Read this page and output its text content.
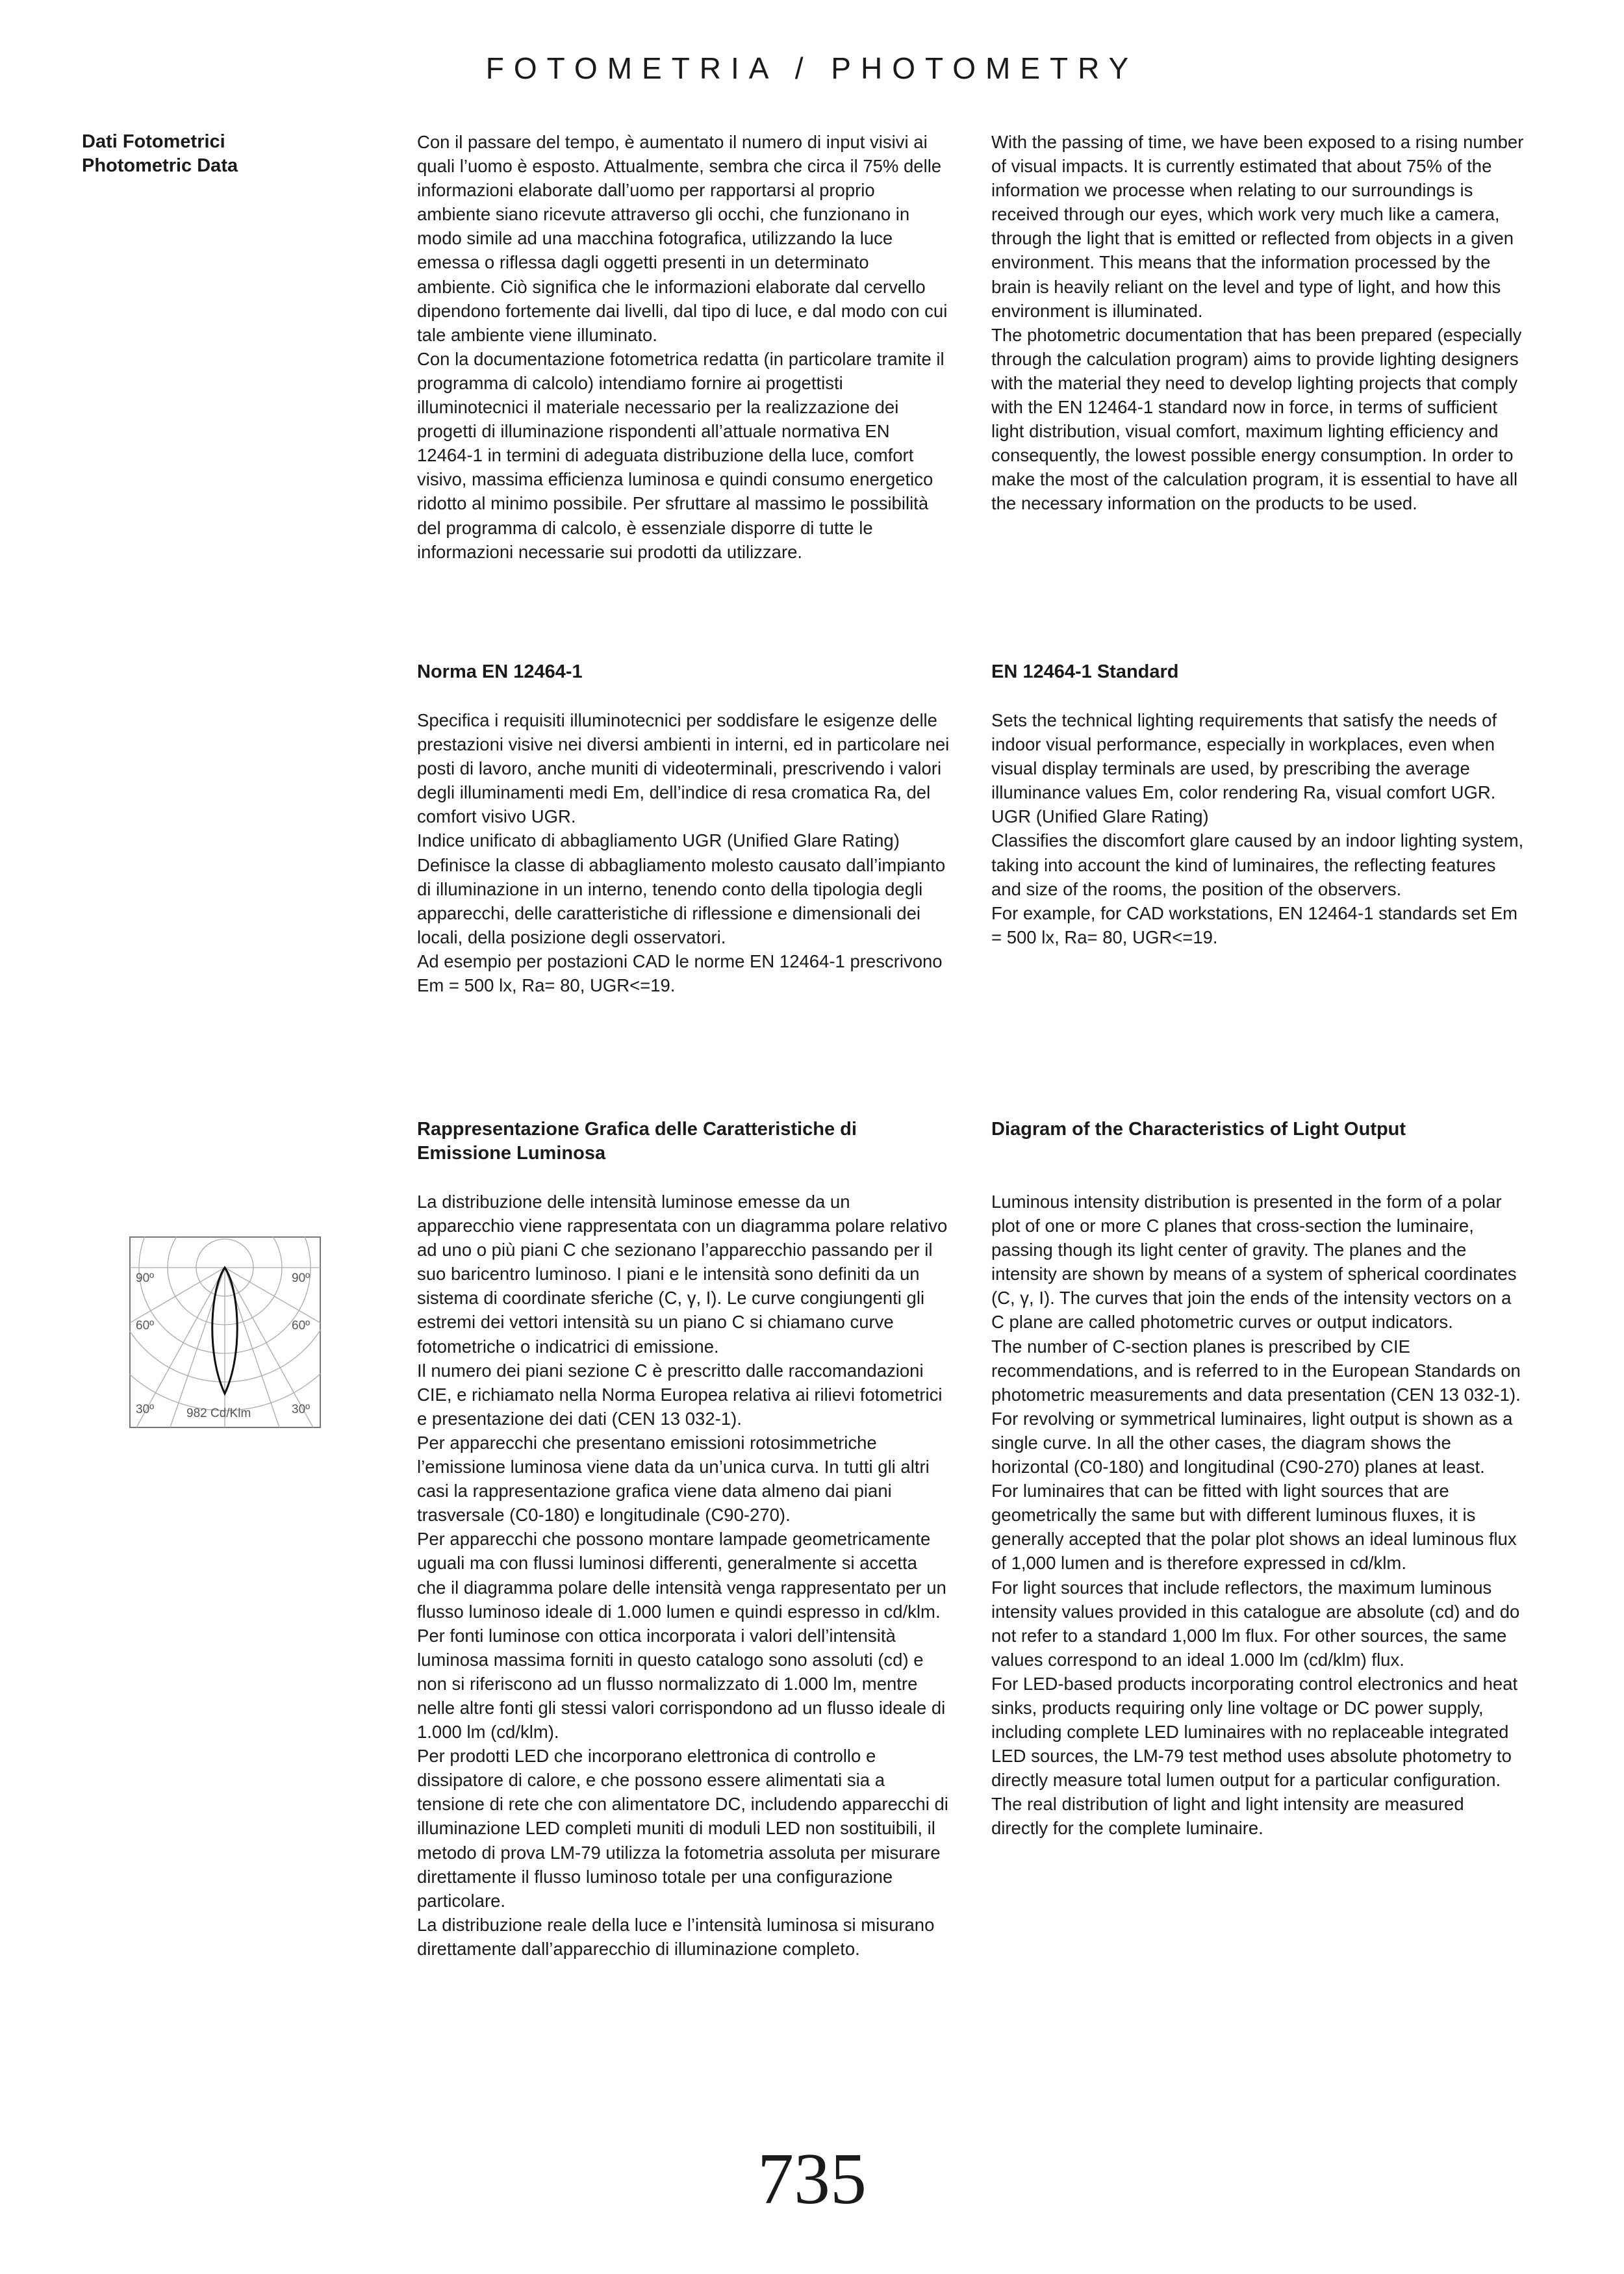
FOTOMETRIA / PHOTOMETRY
Dati Fotometrici
Photometric Data

Con il passare del tempo, è aumentato il numero di input visivi ai quali l’uomo è esposto. Attualmente, sembra che circa il 75% delle informazioni elaborate dall’uomo per rapportarsi al proprio ambiente siano ricevute attraverso gli occhi, che funzionano in modo simile ad una macchina fotografica, utilizzando la luce emessa o riflessa dagli oggetti presenti in un determinato ambiente. Ciò significa che le informazioni elaborate dal cervello dipendono fortemente dai livelli, dal tipo di luce, e dal modo con cui tale ambiente viene illuminato.

Con la documentazione fotometrica redatta (in particolare tramite il programma di calcolo) intendiamo fornire ai progettisti illuminotecnici il materiale necessario per la realizzazione dei progetti di illuminazione rispondenti all’attuale normativa EN 12464-1 in termini di adeguata distribuzione della luce, comfort visivo, massima efficienza luminosa e quindi consumo energetico ridotto al minimo possibile. Per sfruttare al massimo le possibilità del programma di calcolo, è essenziale disporre di tutte le informazioni necessarie sui prodotti da utilizzare.

With the passing of time, we have been exposed to a rising number of visual impacts. It is currently estimated that about 75% of the information we processe when relating to our surroundings is received through our eyes, which work very much like a camera, through the light that is emitted or reflected from objects in a given environment. This means that the information processed by the brain is heavily reliant on the level and type of light, and how this environment is illuminated.

The photometric documentation that has been prepared (especially through the calculation program) aims to provide lighting designers with the material they need to develop lighting projects that comply with the EN 12464-1 standard now in force, in terms of sufficient light distribution, visual comfort, maximum lighting efficiency and consequently, the lowest possible energy consumption. In order to make the most of the calculation program, it is essential to have all the necessary information on the products to be used.

Norma EN 12464-1

Specifica i requisiti illuminotecnici per soddisfare le esigenze delle prestazioni visive nei diversi ambienti in interni, ed in particolare nei posti di lavoro, anche muniti di videoterminali, prescrivendo i valori degli illuminamenti medi Em, dell’indice di resa cromatica Ra, del comfort visivo UGR.

Indice unificato di abbagliamento UGR (Unified Glare Rating)

Definisce la classe di abbagliamento molesto causato dall’impianto di illuminazione in un interno, tenendo conto della tipologia degli apparecchi, delle caratteristiche di riflessione e dimensionali dei locali, della posizione degli osservatori.

Ad esempio per postazioni CAD le norme EN 12464-1 prescrivono Em = 500 lx, Ra= 80, UGR<=19.

EN 12464-1 Standard

Sets the technical lighting requirements that satisfy the needs of indoor visual performance, especially in workplaces, even when visual display terminals are used, by prescribing the average illuminance values Em, color rendering Ra, visual comfort UGR.

UGR (Unified Glare Rating)

Classifies the discomfort glare caused by an indoor lighting system, taking into account the kind of luminaires, the reflecting features and size of the rooms, the position of the observers.

For example, for CAD workstations, EN 12464-1 standards set Em = 500 lx, Ra= 80, UGR<=19.

Rappresentazione Grafica delle Caratteristiche di Emissione Luminosa

La distribuzione delle intensità luminose emesse da un apparecchio viene rappresentata con un diagramma polare relativo ad uno o più piani C che sezionano l’apparecchio passando per il suo baricentro luminoso. I piani e le intensità sono definiti da un sistema di coordinate sferiche (C, γ, I). Le curve congiungenti gli estremi dei vettori intensità su un piano C si chiamano curve fotometriche o indicatrici di emissione.

Il numero dei piani sezione C è prescritto dalle raccomandazioni CIE, e richiamato nella Norma Europea relativa ai rilievi fotometrici e presentazione dei dati (CEN 13 032-1).

Per apparecchi che presentano emissioni rotosimmetriche l’emissione luminosa viene data da un’unica curva. In tutti gli altri casi la rappresentazione grafica viene data almeno dai piani trasversale (C0-180) e longitudinale (C90-270).

Per apparecchi che possono montare lampade geometricamente uguali ma con flussi luminosi differenti, generalmente si accetta che il diagramma polare delle intensità venga rappresentato per un flusso luminoso ideale di 1.000 lumen e quindi espresso in cd/klm.

Per fonti luminose con ottica incorporata i valori dell’intensità luminosa massima forniti in questo catalogo sono assoluti (cd) e non si riferiscono ad un flusso normalizzato di 1.000 lm, mentre nelle altre fonti gli stessi valori corrispondono ad un flusso ideale di 1.000 lm (cd/klm).

Per prodotti LED che incorporano elettronica di controllo e dissipatore di calore, e che possono essere alimentati sia a tensione di rete che con alimentatore DC, includendo apparecchi di illuminazione LED completi muniti di moduli LED non sostituibili, il metodo di prova LM-79 utilizza la fotometria assoluta per misurare direttamente il flusso luminoso totale per una configurazione particolare.

La distribuzione reale della luce e l’intensità luminosa si misurano direttamente dall’apparecchio di illuminazione completo.

Diagram of the Characteristics of Light Output

Luminous intensity distribution is presented in the form of a polar plot of one or more C planes that cross-section the luminaire, passing though its light center of gravity. The planes and the intensity are shown by means of a system of spherical coordinates (C, γ, I). The curves that join the ends of the intensity vectors on a C plane are called photometric curves or output indicators.

The number of C-section planes is prescribed by CIE recommendations, and is referred to in the European Standards on photometric measurements and data presentation (CEN 13 032-1).

For revolving or symmetrical luminaires, light output is shown as a single curve. In all the other cases, the diagram shows the horizontal (C0-180) and longitudinal (C90-270) planes at least.

For luminaires that can be fitted with light sources that are geometrically the same but with different luminous fluxes, it is generally accepted that the polar plot shows an ideal luminous flux of 1,000 lumen and is therefore expressed in cd/klm.

For light sources that include reflectors, the maximum luminous intensity values provided in this catalogue are absolute (cd) and do not refer to a standard 1,000 lm flux. For other sources, the same values correspond to an ideal 1.000 lm (cd/klm) flux.

For LED-based products incorporating control electronics and heat sinks, products requiring only line voltage or DC power supply, including complete LED luminaires with no replaceable integrated LED sources, the LM-79 test method uses absolute photometry to directly measure total lumen output for a particular configuration.

The real distribution of light and light intensity are measured directly for the complete luminaire.

90º	90º
60º	60º
30º	30º
982 Cd/Klm
735
